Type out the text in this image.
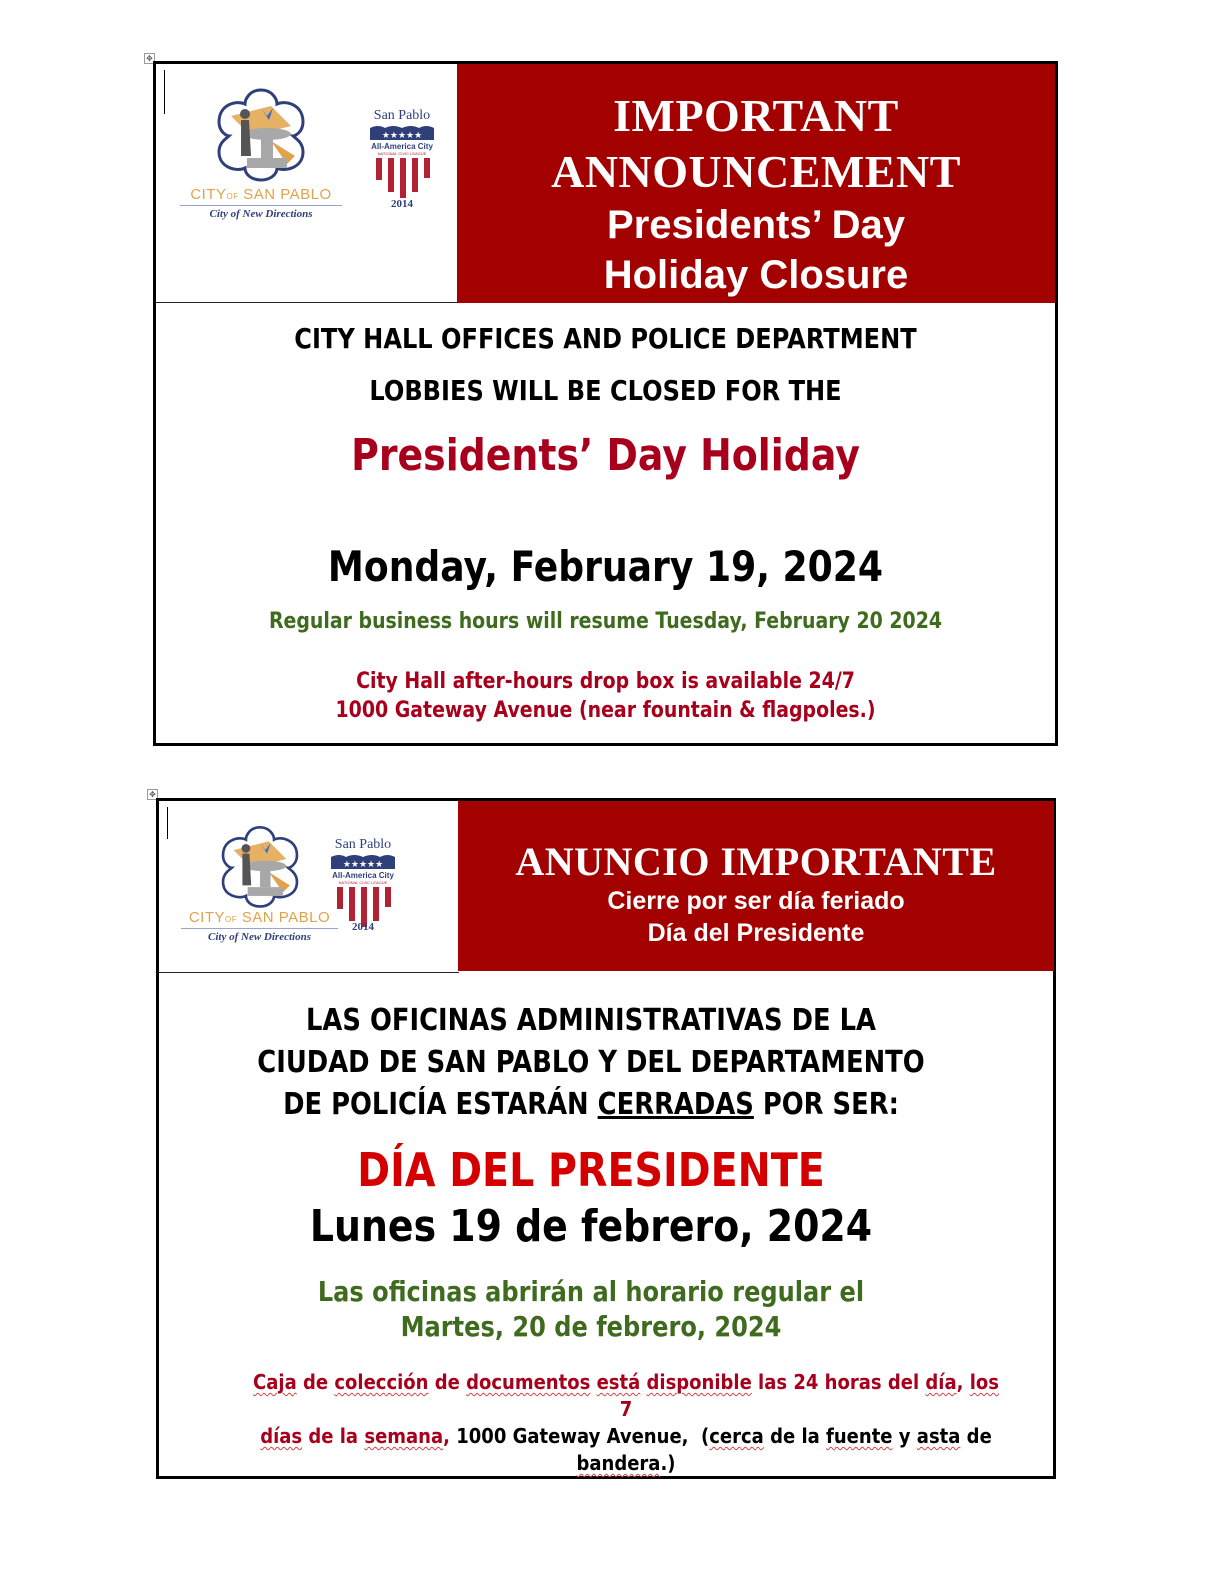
✥
CITYOF SAN PABLO
City of New Directions
San Pablo
★★★★★
All-America City
NATIONAL CIVIC LEAGUE
2014
IMPORTANT
ANNOUNCEMENT
Presidents’ Day
Holiday Closure
CITY HALL OFFICES AND POLICE DEPARTMENT
LOBBIES WILL BE CLOSED FOR THE
Presidents’ Day Holiday
Monday, February 19, 2024
Regular business hours will resume Tuesday, February 20 2024
City Hall after-hours drop box is available 24/7
1000 Gateway Avenue (near fountain & flagpoles.)
✥
CITYOF SAN PABLO
City of New Directions
San Pablo
★★★★★
All-America City
NATIONAL CIVIC LEAGUE
2014
ANUNCIO IMPORTANTE
Cierre por ser día feriado
Día del Presidente
LAS OFICINAS ADMINISTRATIVAS DE LA
CIUDAD DE SAN PABLO Y DEL DEPARTAMENTO
DE POLICÍA ESTARÁN CERRADAS POR SER:
DÍA DEL PRESIDENTE
Lunes 19 de febrero, 2024
Las oficinas abrirán al horario regular el
Martes, 20 de febrero, 2024
Caja de colección de documentos está disponible las 24 horas del día, los 7
días de la semana, 1000 Gateway Avenue,  (cerca de la fuente y asta de
bandera.)
